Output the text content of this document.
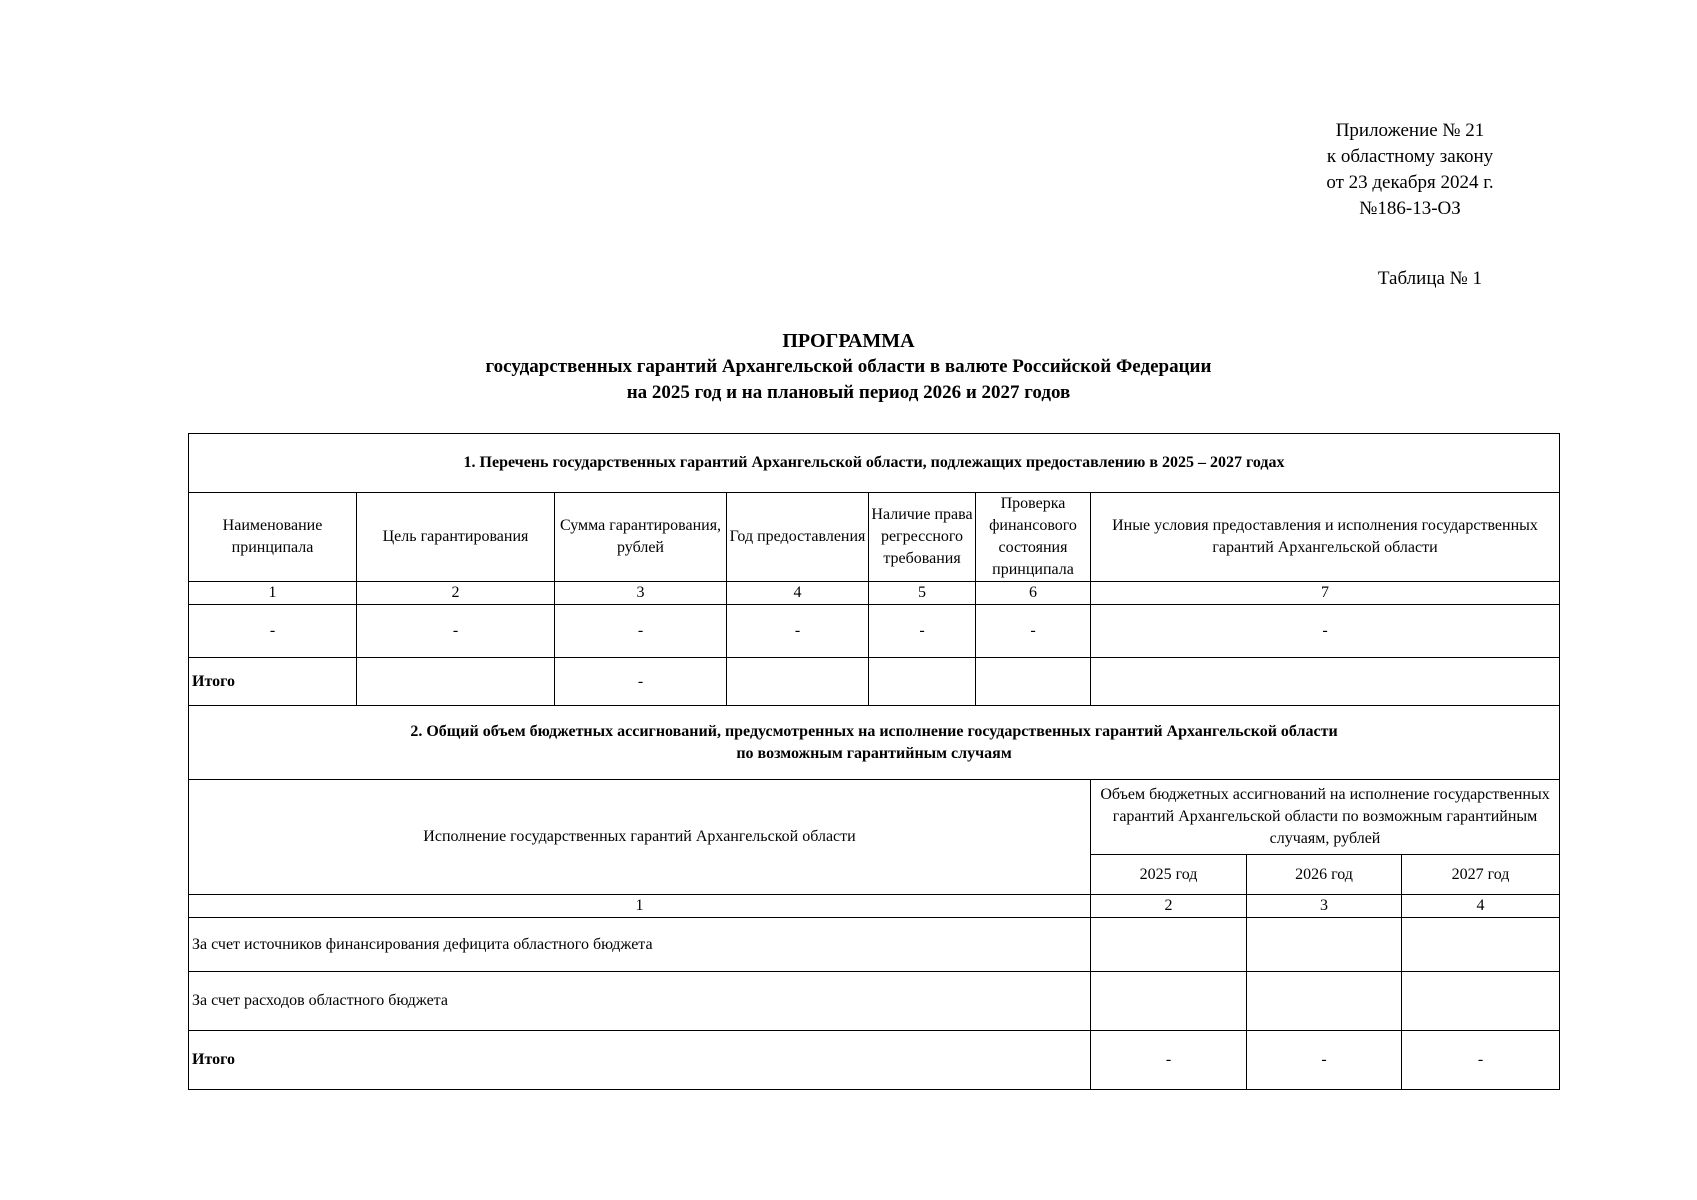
Приложение № 21
к областному закону
от 23 декабря 2024 г.
№186-13-ОЗ
Таблица № 1
ПРОГРАММА
государственных гарантий Архангельской области в валюте Российской Федерации
на 2025 год и на плановый период 2026 и 2027 годов
1. Перечень государственных гарантий Архангельской области, подлежащих предоставлению в 2025 – 2027 годах								
Наименование принципала	Цель гарантирования	Сумма гарантирования, рублей	Год предоставления	Наличие права регрессного требования	Проверка финансового состояния принципала	Иные условия предоставления и исполнения государственных гарантий Архангельской области		
1	2	3	4	5	6	7		
-	-	-	-	-	-	-		
Итого		-						

2. Общий объем бюджетных ассигнований, предусмотренных на исполнение государственных гарантий Архангельской области
по возможным гарантийным случаям								

Исполнение государственных гарантий Архангельской области						Объем бюджетных ассигнований на исполнение государственных гарантий Архангельской области по возможным гарантийным случаям, рублей		
						2025 год	2026 год	2027 год
1						2	3	4
За счет источников финансирования дефицита областного бюджета								
За счет расходов областного бюджета								
Итого						-	-	-
